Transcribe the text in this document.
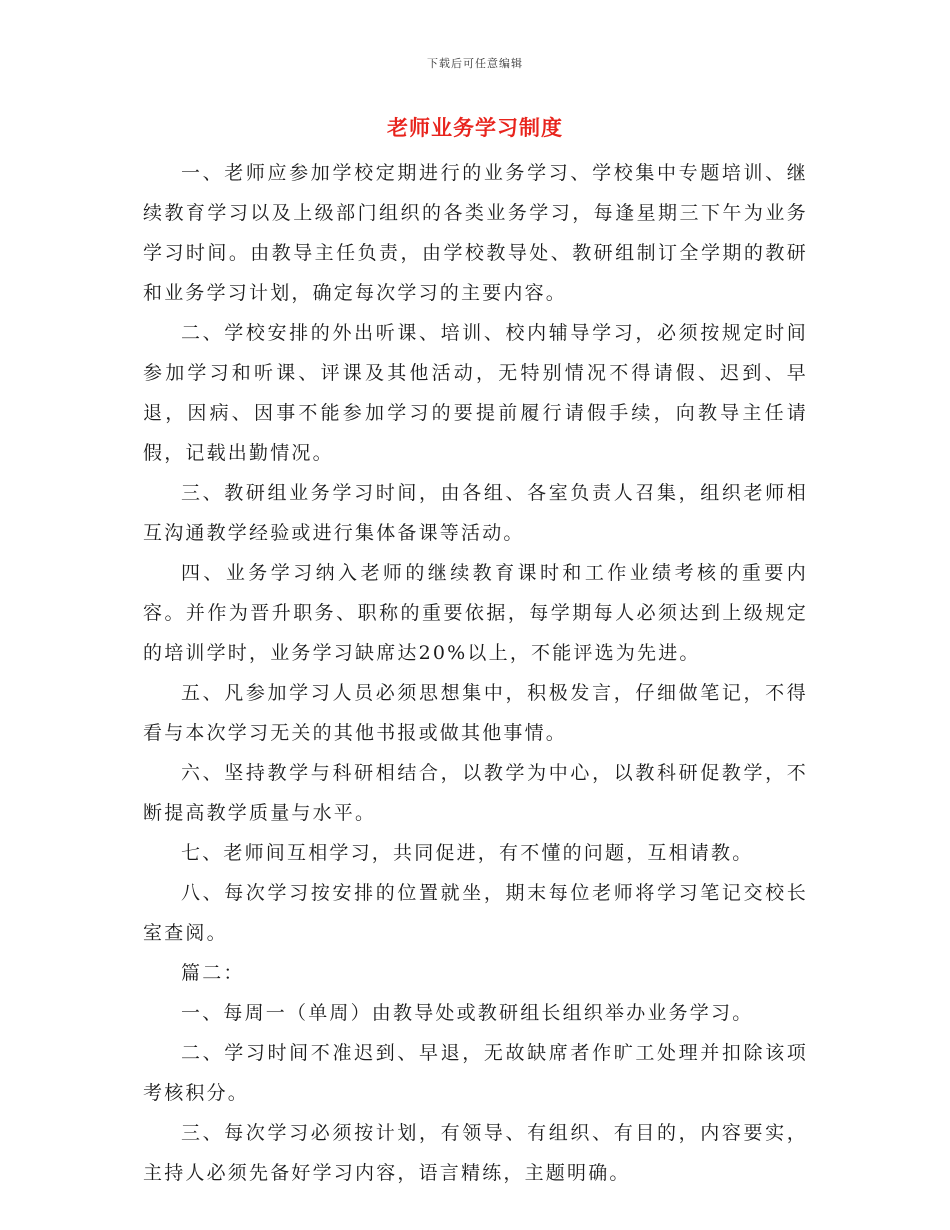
下载后可任意编辑
老师业务学习制度

一、老师应参加学校定期进行的业务学习、学校集中专题培训、继续教育学习以及上级部门组织的各类业务学习，每逢星期三下午为业务学习时间。由教导主任负责，由学校教导处、教研组制订全学期的教研和业务学习计划，确定每次学习的主要内容。

二、学校安排的外出听课、培训、校内辅导学习，必须按规定时间参加学习和听课、评课及其他活动，无特别情况不得请假、迟到、早退，因病、因事不能参加学习的要提前履行请假手续，向教导主任请假，记载出勤情况。

三、教研组业务学习时间，由各组、各室负责人召集，组织老师相互沟通教学经验或进行集体备课等活动。

四、业务学习纳入老师的继续教育课时和工作业绩考核的重要内容。并作为晋升职务、职称的重要依据，每学期每人必须达到上级规定的培训学时，业务学习缺席达20%以上，不能评选为先进。

五、凡参加学习人员必须思想集中，积极发言，仔细做笔记，不得看与本次学习无关的其他书报或做其他事情。

六、坚持教学与科研相结合，以教学为中心，以教科研促教学，不断提高教学质量与水平。

七、老师间互相学习，共同促进，有不懂的问题，互相请教。

八、每次学习按安排的位置就坐，期末每位老师将学习笔记交校长室查阅。

篇二：

一、每周一（单周）由教导处或教研组长组织举办业务学习。

二、学习时间不准迟到、早退，无故缺席者作旷工处理并扣除该项考核积分。

三、每次学习必须按计划，有领导、有组织、有目的，内容要实，主持人必须先备好学习内容，语言精练，主题明确。
